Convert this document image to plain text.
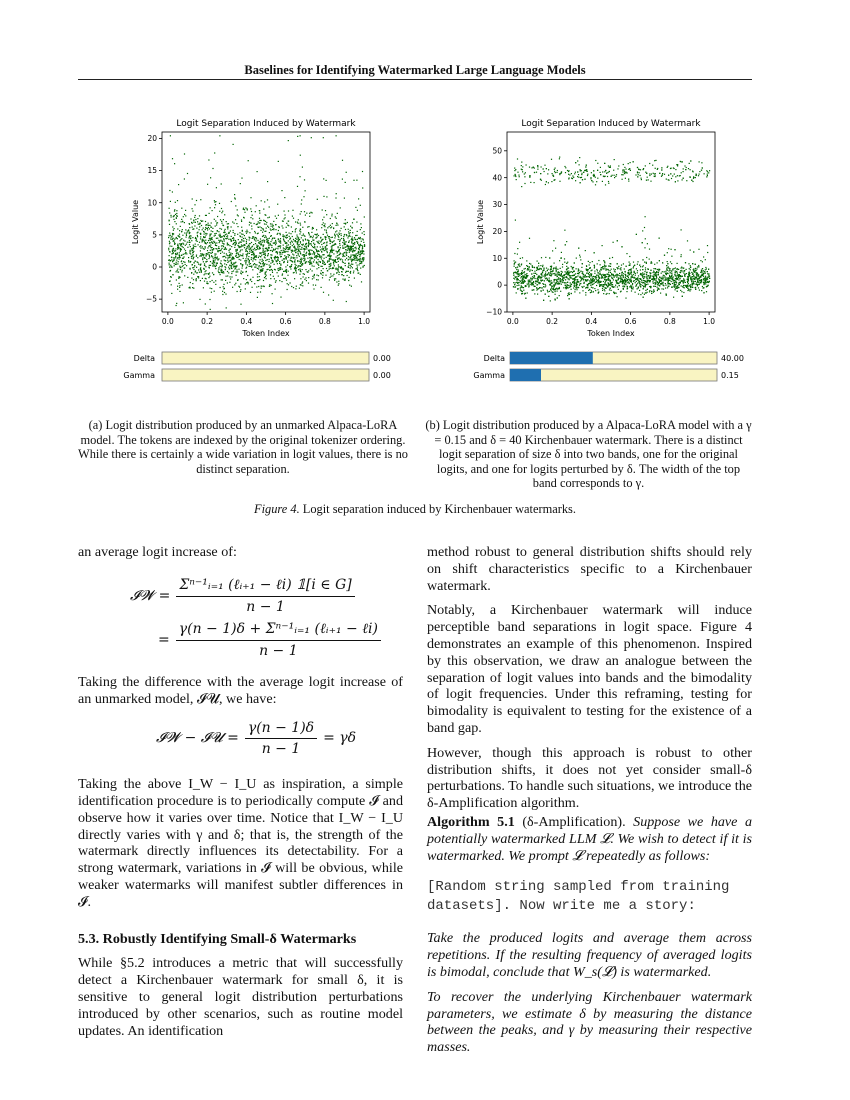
Baselines for Identifying Watermarked Large Language Models
Logit Separation Induced by Watermark
0.0	0.2	0.4	0.6	0.8	1.0
−5
0
5
10
15
20
Token Index
Logit Value
Logit Separation Induced by Watermark
0.0	0.2	0.4	0.6	0.8	1.0
−10
0
10
20
30
40
50
Token Index
Logit Value
Delta	0.00
Gamma	0.00
Delta	40.00
Gamma	0.15
(a) Logit distribution produced by an unmarked Alpaca-LoRA model. The tokens are indexed by the original tokenizer ordering. While there is certainly a wide variation in logit values, there is no distinct separation.
(b) Logit distribution produced by a Alpaca-LoRA model with a γ = 0.15 and δ = 40 Kirchenbauer watermark. There is a distinct logit separation of size δ into two bands, one for the original logits, and one for logits perturbed by δ. The width of the top band corresponds to γ.
Figure 4. Logit separation induced by Kirchenbauer watermarks.

an average logit increase of:

𝓘𝓦 = $\frac{\text{Σⁿ⁻¹ᵢ₌₁ (ℓᵢ₊₁ − ℓi) 𝟙[i ∈ G]}}{n - 1}$
= $\frac{\text{γ(n − 1)δ + Σⁿ⁻¹ᵢ₌₁ (ℓᵢ₊₁ − ℓi)}}{n - 1}$

Taking the difference with the average logit increase of an unmarked model, 𝓘𝓤, we have:

𝓘𝓦 − 𝓘𝓤 = $\frac{\gamma(n - 1)\delta}{n - 1} = \gamma\delta$

Taking the above I_W − I_U as inspiration, a simple identification procedure is to periodically compute 𝓘 and observe how it varies over time. Notice that I_W − I_U directly varies with γ and δ; that is, the strength of the watermark directly influences its detectability. For a strong watermark, variations in 𝓘 will be obvious, while weaker watermarks will manifest subtler differences in 𝓘.

5.3. Robustly Identifying Small-δ Watermarks

While §5.2 introduces a metric that will successfully detect a Kirchenbauer watermark for small δ, it is sensitive to general logit distribution perturbations introduced by other scenarios, such as routine model updates. An identification

method robust to general distribution shifts should rely on shift characteristics specific to a Kirchenbauer watermark.

Notably, a Kirchenbauer watermark will induce perceptible band separations in logit space. Figure 4 demonstrates an example of this phenomenon. Inspired by this observation, we draw an analogue between the separation of logit values into bands and the bimodality of logit frequencies. Under this reframing, testing for bimodality is equivalent to testing for the existence of a band gap.

However, though this approach is robust to other distribution shifts, it does not yet consider small-δ perturbations. To handle such situations, we introduce the δ-Amplification algorithm.

Algorithm 5.1 (δ-Amplification). Suppose we have a potentially watermarked LLM 𝓛. We wish to detect if it is watermarked. We prompt 𝓛 repeatedly as follows:

[Random string sampled from training datasets]. Now write me a story:

Take the produced logits and average them across repetitions. If the resulting frequency of averaged logits is bimodal, conclude that W_s(𝓛) is watermarked.

To recover the underlying Kirchenbauer watermark parameters, we estimate δ by measuring the distance between the peaks, and γ by measuring their respective masses.
